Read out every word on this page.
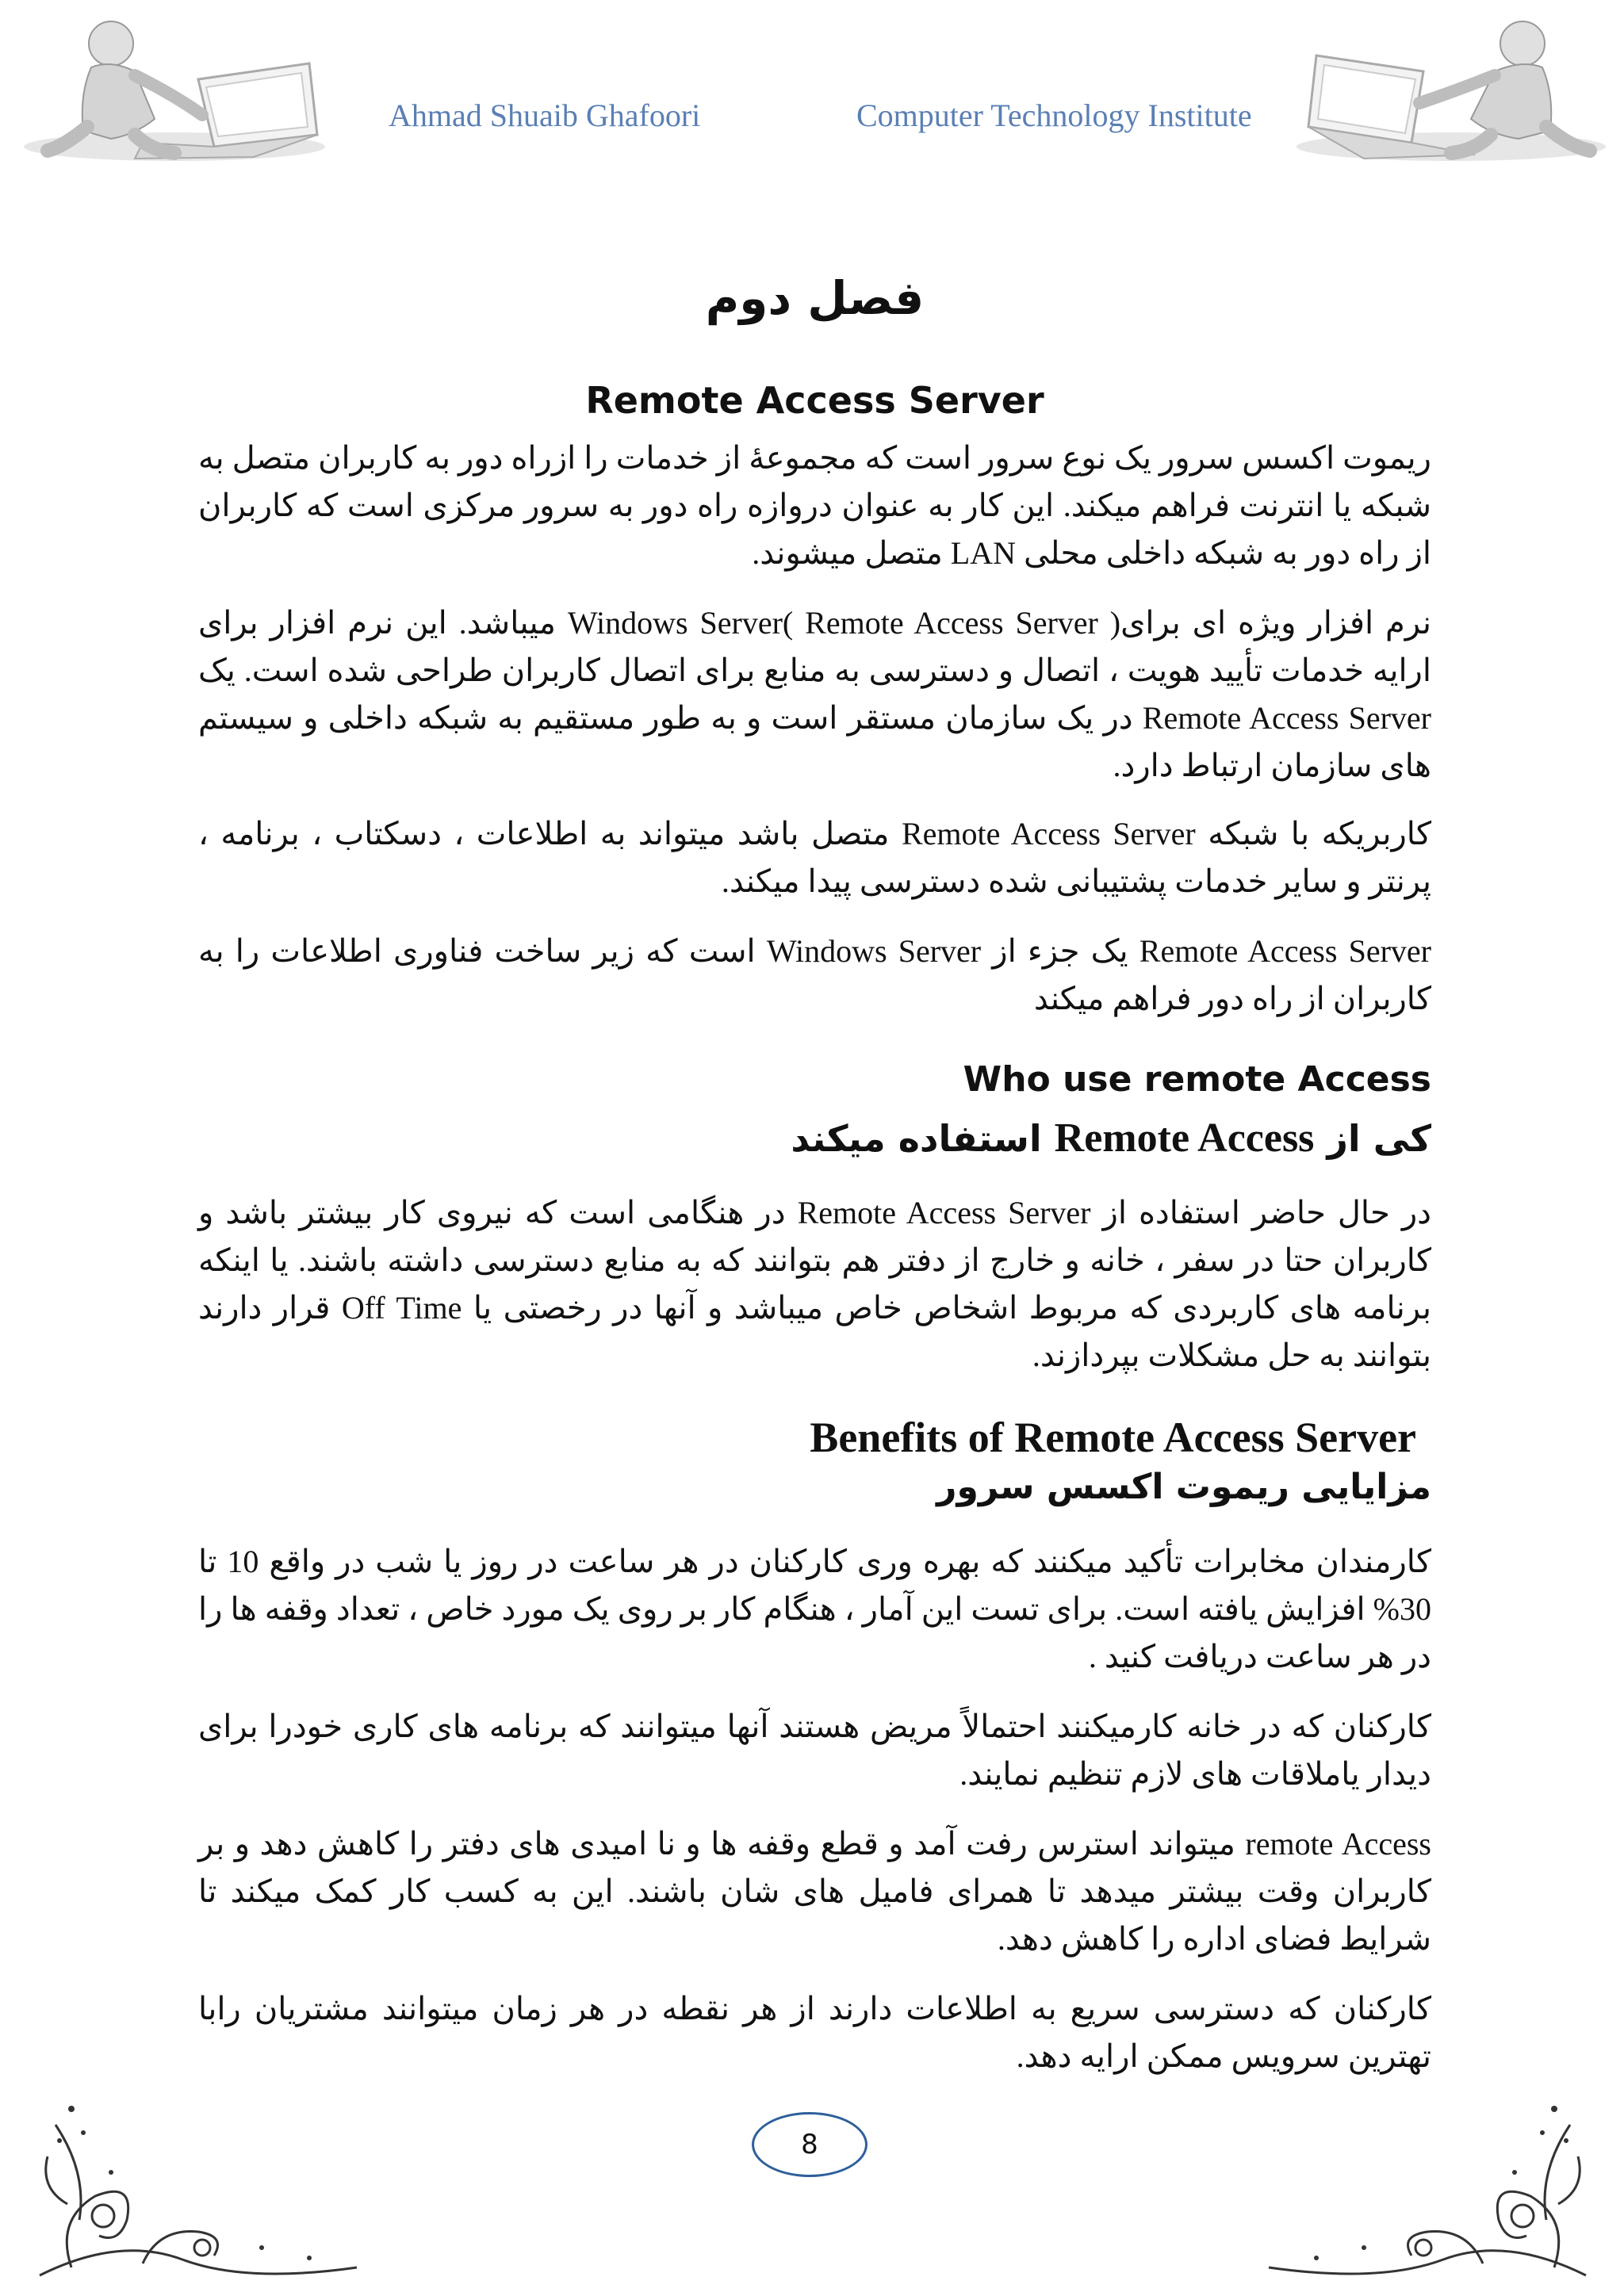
Ahmad Shuaib Ghafoori	Computer Technology Institute
فصل دوم
Remote Access Server

ریموت اکسس سرور یک نوع سرور است که مجموعۀ از خدمات را ازراه دور به کاربران متصل به شبکه یا انترنت فراهم میکند. این کار به عنوان دروازه راه دور به سرور مرکزی است که کاربران از راه دور به شبکه داخلی محلی LAN متصل میشوند.

نرم افزار ویژه ای برای( Remote Access Server )Windows Server میباشد. این نرم افزار برای ارایه خدمات تأیید هویت ، اتصال و دسترسی به منابع برای اتصال کاربران طراحی شده است. یک Remote Access Server در یک سازمان مستقر است و به طور مستقیم به شبکه داخلی و سیستم های سازمان ارتباط دارد.

کاربریکه با شبکه Remote Access Server متصل باشد میتواند به اطلاعات ، دسکتاب ، برنامه ، پرنتر و سایر خدمات پشتیبانی شده دسترسی پیدا میکند.

Remote Access Server یک جزء از Windows Server است که زیر ساخت فناوری اطلاعات را به کاربران از راه دور فراهم میکند

Who use remote Access
کی از Remote Access استفاده میکند

در حال حاضر استفاده از Remote Access Server در هنگامی است که نیروی کار بیشتر باشد و کاربران حتا در سفر ، خانه و خارج از دفتر هم بتوانند که به منابع دسترسی داشته باشند. یا اینکه برنامه های کاربردی که مربوط اشخاص خاص میباشد و آنها در رخصتی یا Off Time قرار دارند بتوانند به حل مشکلات بپردازند.

Benefits of Remote Access Server
مزایایی ریموت اکسس سرور

کارمندان مخابرات تأکید میکنند که بهره وری کارکنان در هر ساعت در روز یا شب در واقع 10 تا 30% افزایش یافته است. برای تست این آمار ، هنگام کار بر روی یک مورد خاص ، تعداد وقفه ها را در هر ساعت دریافت کنید .

کارکنان که در خانه کارمیکنند احتمالاً مریض هستند آنها میتوانند که برنامه های کاری خودرا برای دیدار یاملاقات های لازم تنظیم نمایند.

remote Access میتواند استرس رفت آمد و قطع وقفه ها و نا امیدی های دفتر را کاهش دهد و بر کاربران وقت بیشتر میدهد تا همرای فامیل های شان باشند. این به کسب کار کمک میکند تا شرایط فضای اداره را کاهش دهد.

کارکنان که دسترسی سریع به اطلاعات دارند از هر نقطه در هر زمان میتوانند مشتریان رابا تهترین سرویس ممکن ارایه دهد.

8
